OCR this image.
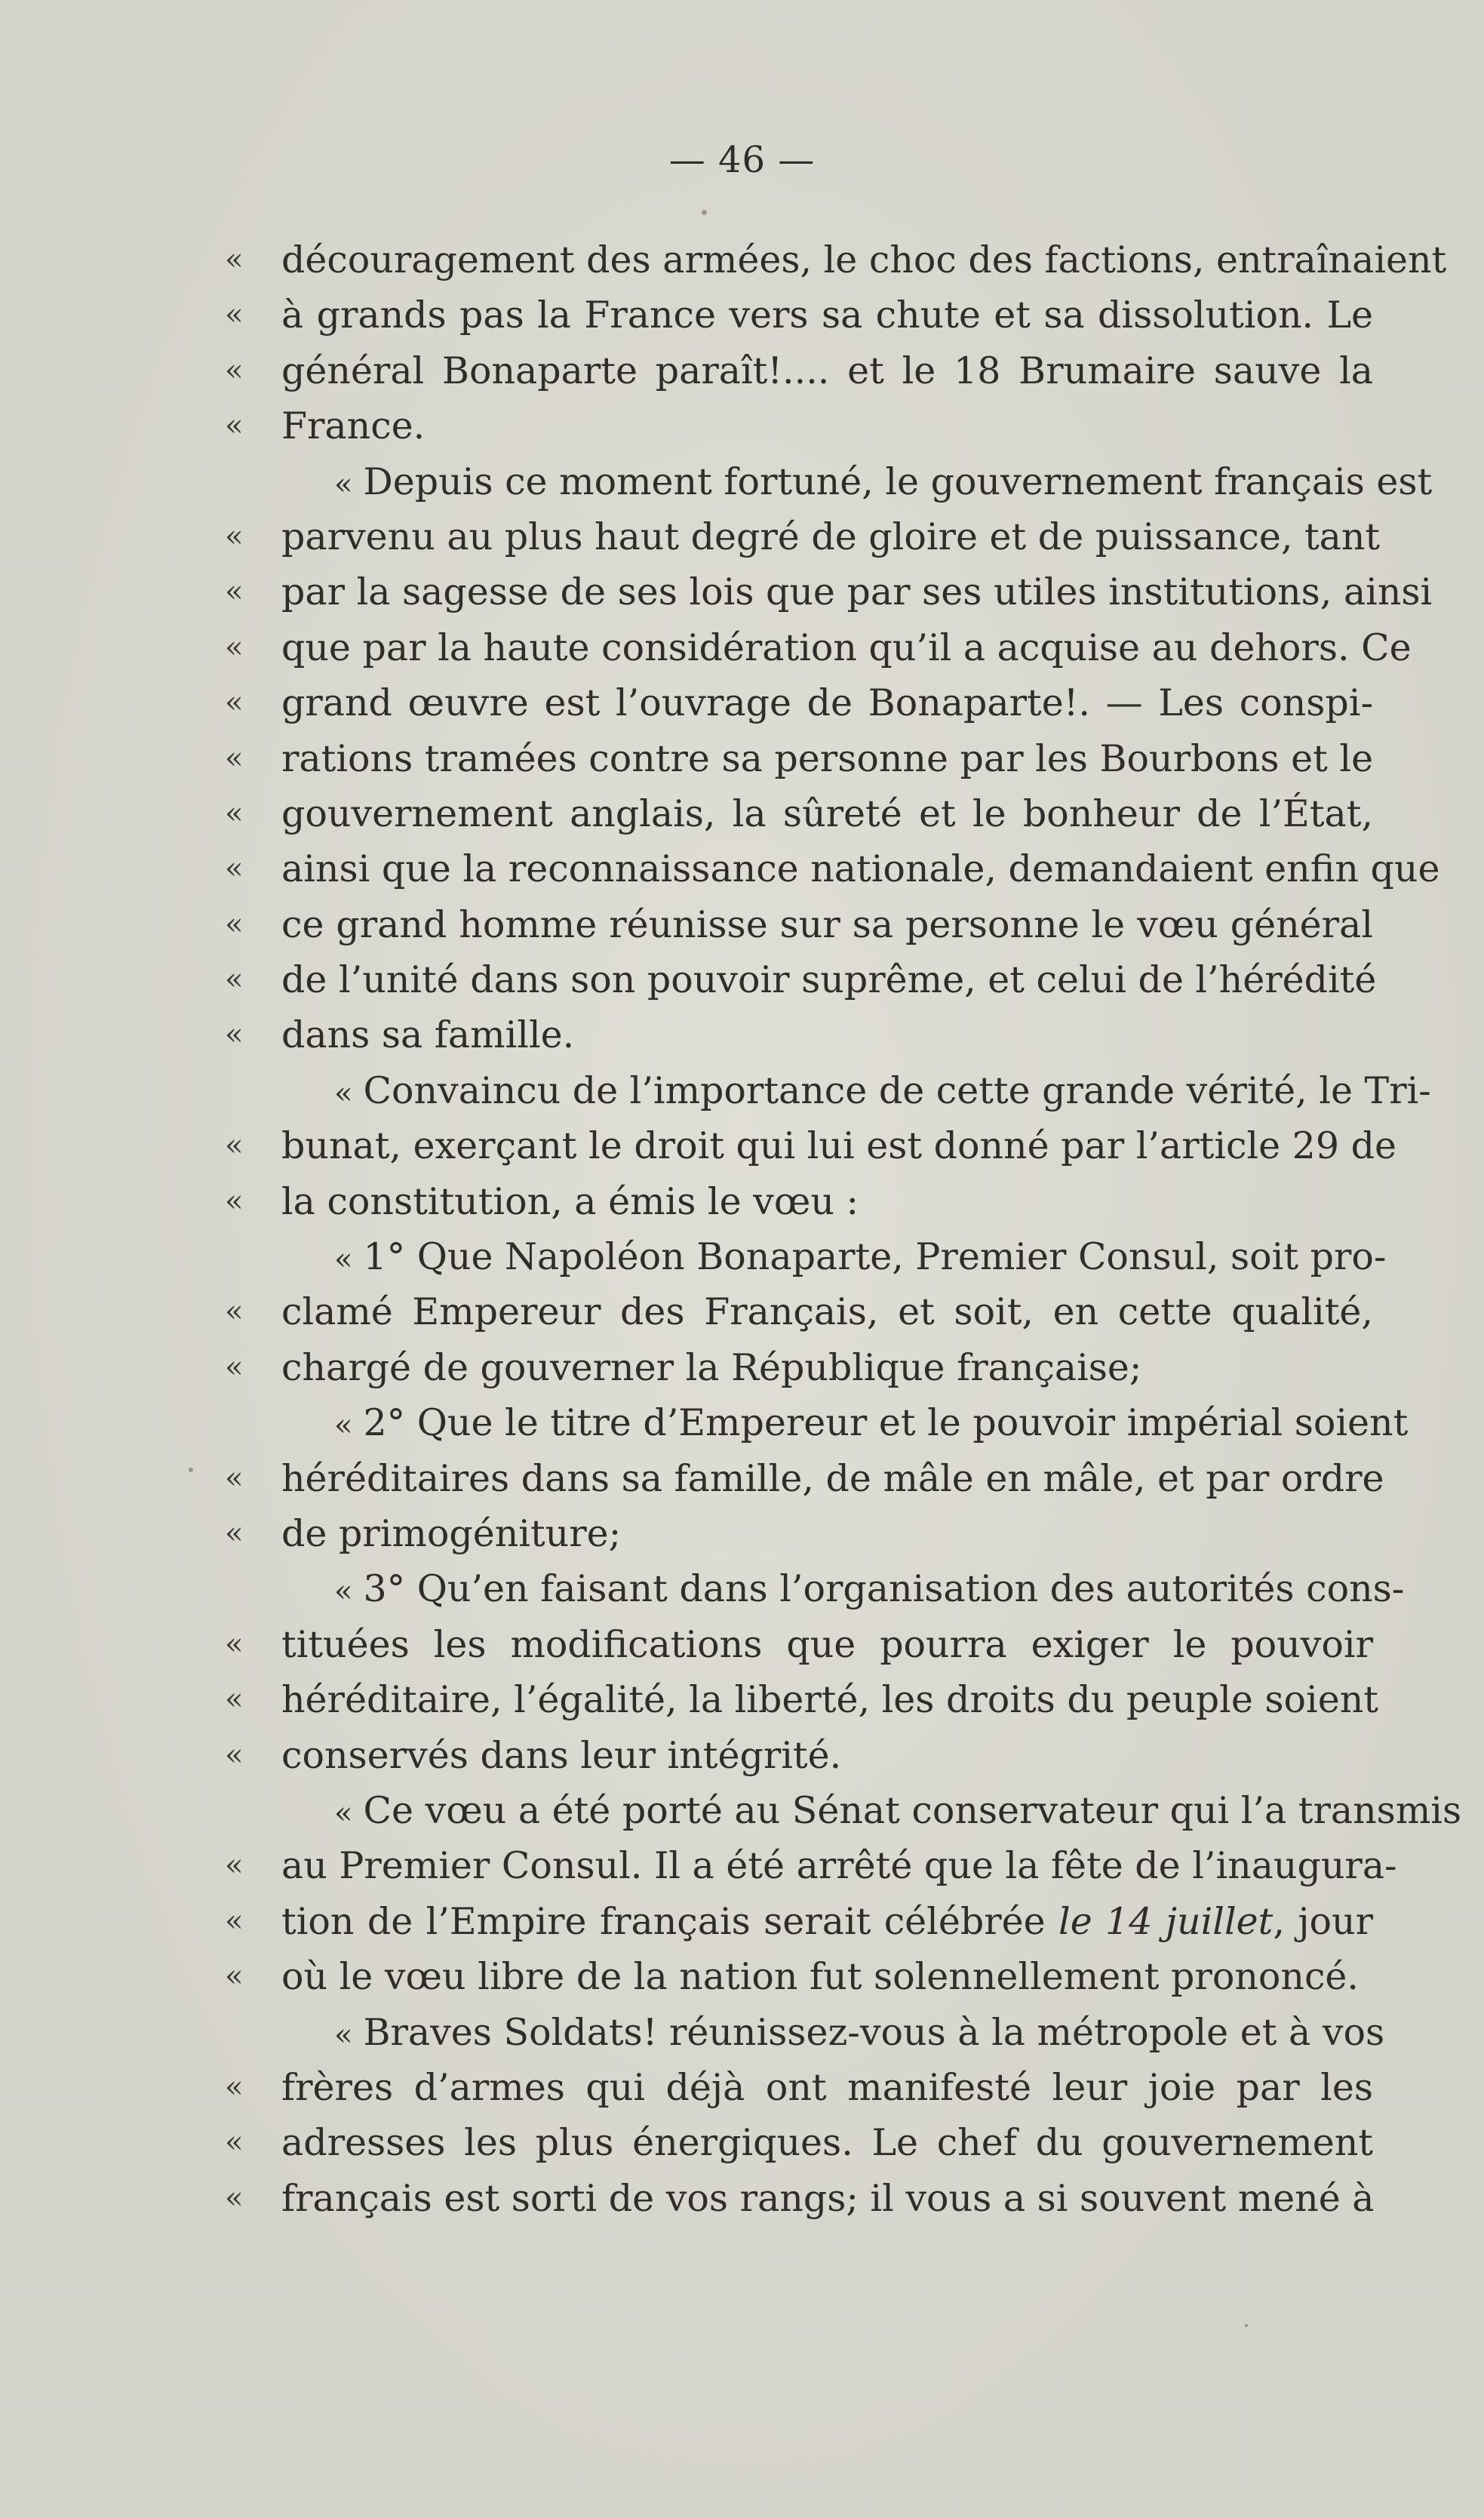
— 46 —
«	découragement des armées, le choc des factions, entraînaient
«	à grands pas la France vers sa chute et sa dissolution. Le
«	général Bonaparte paraît!.... et le 18 Brumaire sauve la
«	France.
« Depuis ce moment fortuné, le gouvernement français est
«	parvenu au plus haut degré de gloire et de puissance, tant
«	par la sagesse de ses lois que par ses utiles institutions, ainsi
«	que par la haute considération qu’il a acquise au dehors. Ce
«	grand œuvre est l’ouvrage de Bonaparte!. — Les conspi-
«	rations tramées contre sa personne par les Bourbons et le
«	gouvernement anglais, la sûreté et le bonheur de l’État,
«	ainsi que la reconnaissance nationale, demandaient enfin que
«	ce grand homme réunisse sur sa personne le vœu général
«	de l’unité dans son pouvoir suprême, et celui de l’hérédité
«	dans sa famille.
« Convaincu de l’importance de cette grande vérité, le Tri-
«	bunat, exerçant le droit qui lui est donné par l’article 29 de
«	la constitution, a émis le vœu :
« 1° Que Napoléon Bonaparte, Premier Consul, soit pro-
«	clamé Empereur des Français, et soit, en cette qualité,
«	chargé de gouverner la République française;
« 2° Que le titre d’Empereur et le pouvoir impérial soient
«	héréditaires dans sa famille, de mâle en mâle, et par ordre
«	de primogéniture;
« 3° Qu’en faisant dans l’organisation des autorités cons-
«	tituées les modifications que pourra exiger le pouvoir
«	héréditaire, l’égalité, la liberté, les droits du peuple soient
«	conservés dans leur intégrité.
« Ce vœu a été porté au Sénat conservateur qui l’a transmis
«	au Premier Consul. Il a été arrêté que la fête de l’inaugura-
«	tion de l’Empire français serait célébrée le 14 juillet, jour
«	où le vœu libre de la nation fut solennellement prononcé.
« Braves Soldats! réunissez-vous à la métropole et à vos
«	frères d’armes qui déjà ont manifesté leur joie par les
«	adresses les plus énergiques. Le chef du gouvernement
«	français est sorti de vos rangs; il vous a si souvent mené à
